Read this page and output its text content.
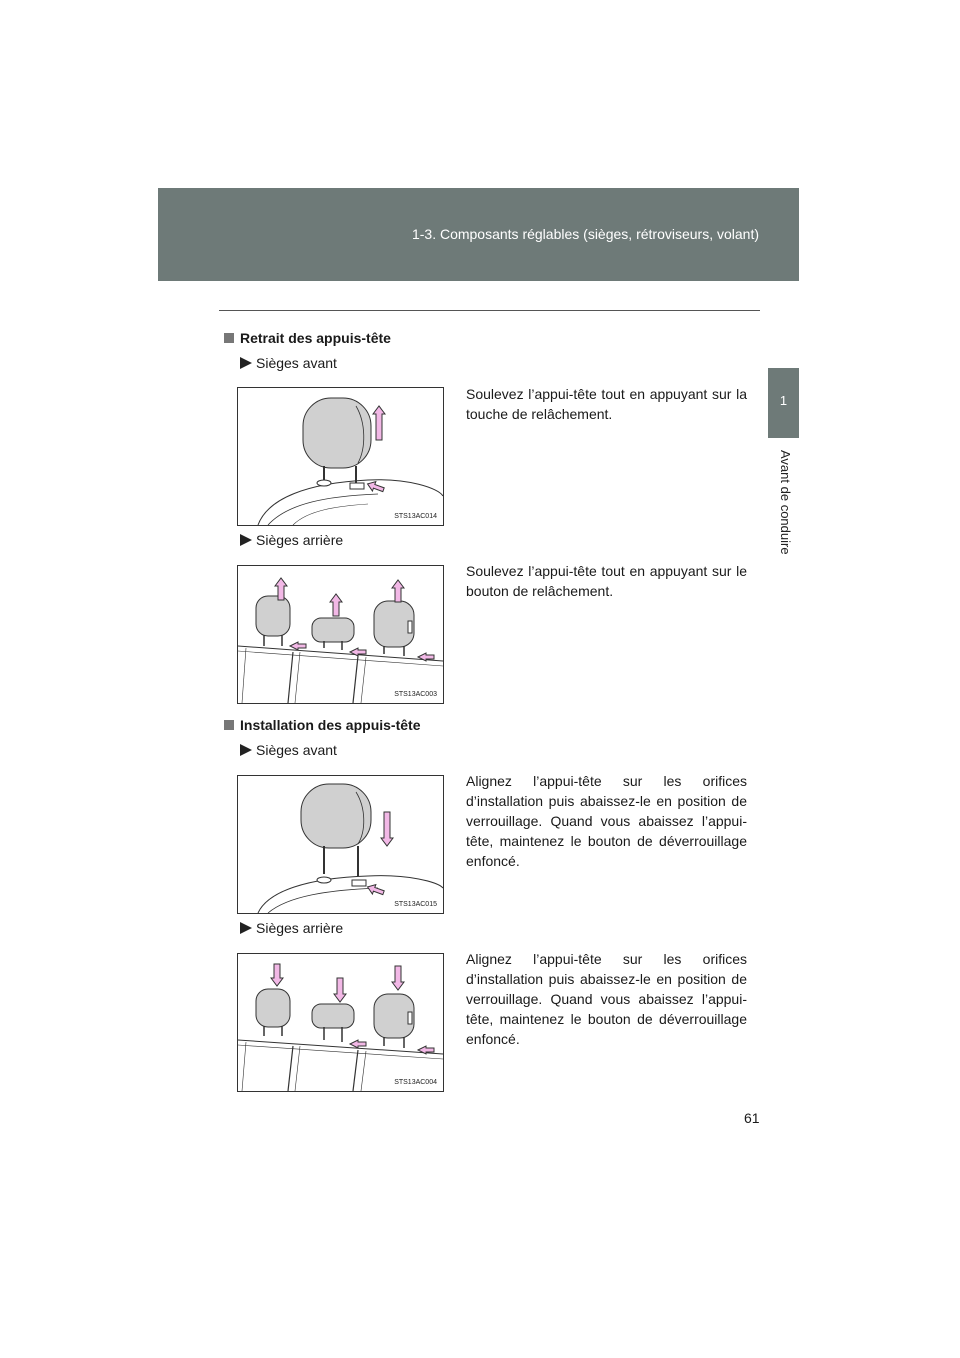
1-3. Composants réglables (sièges, rétroviseurs, volant)
1
Avant de conduire
Retrait des appuis-tête
Sièges avant
STS13AC014
Soulevez l’appui-tête tout en appuyant sur la touche de relâchement.
Sièges arrière
STS13AC003
Soulevez l’appui-tête tout en appuyant sur le bouton de relâchement.
Installation des appuis-tête
Sièges avant
STS13AC015
Alignez l’appui-tête sur les orifices d’installation puis abaissez-le en position de verrouillage. Quand vous abaissez l’appui-tête, maintenez le bouton de déverrouillage enfoncé.
Sièges arrière
STS13AC004
Alignez l’appui-tête sur les orifices d’installation puis abaissez-le en position de verrouillage. Quand vous abaissez l’appui-tête, maintenez le bouton de déverrouillage enfoncé.
61
